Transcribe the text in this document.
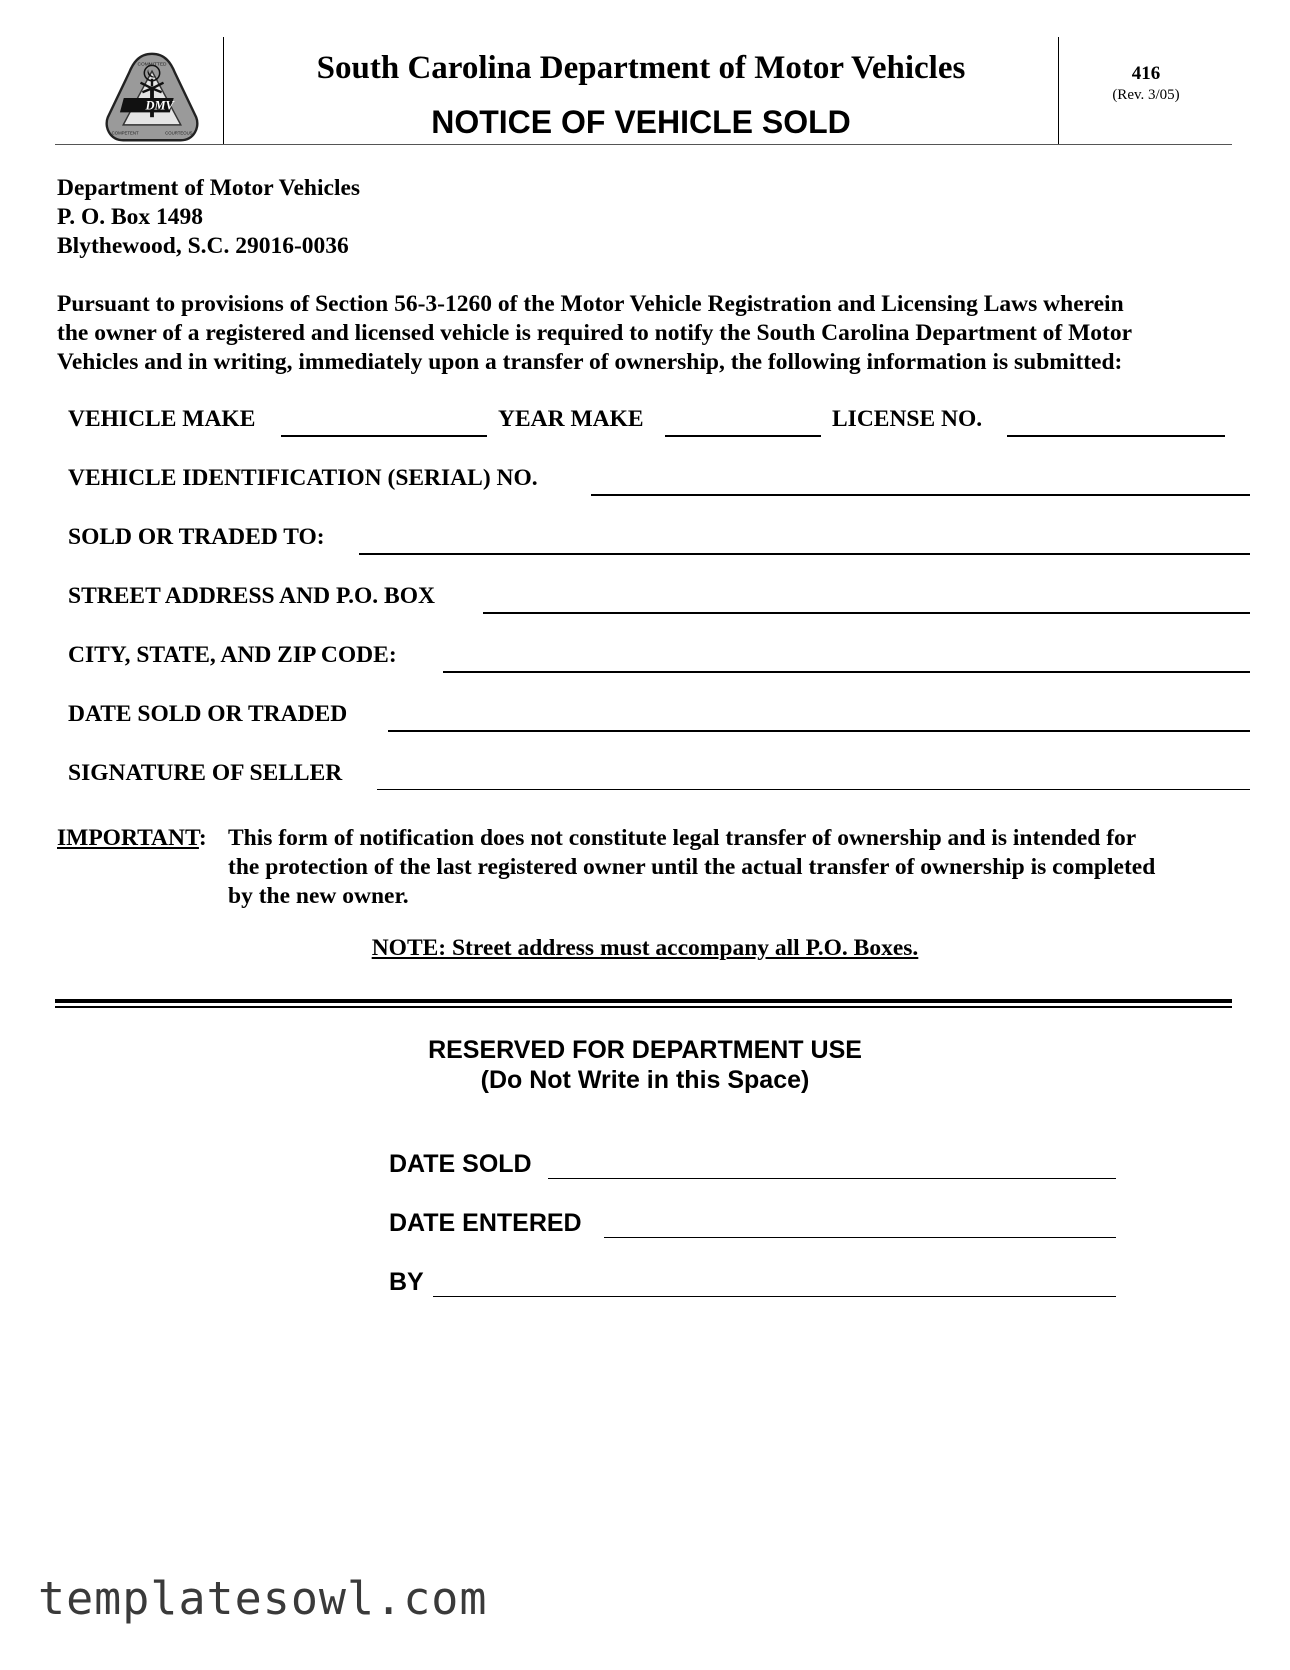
DMV
COMMITTED
COMPETENT	COURTEOUS
South Carolina Department of Motor Vehicles
NOTICE OF VEHICLE SOLD
416
(Rev. 3/05)
Department of Motor Vehicles
P. O. Box 1498
Blythewood, S.C. 29016-0036
Pursuant to provisions of Section 56-3-1260 of the Motor Vehicle Registration and Licensing Laws wherein
the owner of a registered and licensed vehicle is required to notify the South Carolina Department of Motor
Vehicles and in writing, immediately upon a transfer of ownership, the following information is submitted:
VEHICLE MAKE	YEAR MAKE	LICENSE NO.
VEHICLE IDENTIFICATION (SERIAL) NO.
SOLD OR TRADED TO:
STREET ADDRESS AND P.O. BOX
CITY, STATE, AND ZIP CODE:
DATE SOLD OR TRADED
SIGNATURE OF SELLER
IMPORTANT: This form of notification does not constitute legal transfer of ownership and is intended for
the protection of the last registered owner until the actual transfer of ownership is completed
by the new owner.
NOTE: Street address must accompany all P.O. Boxes.
RESERVED FOR DEPARTMENT USE
(Do Not Write in this Space)
DATE SOLD
DATE ENTERED
BY
templatesowl.com
